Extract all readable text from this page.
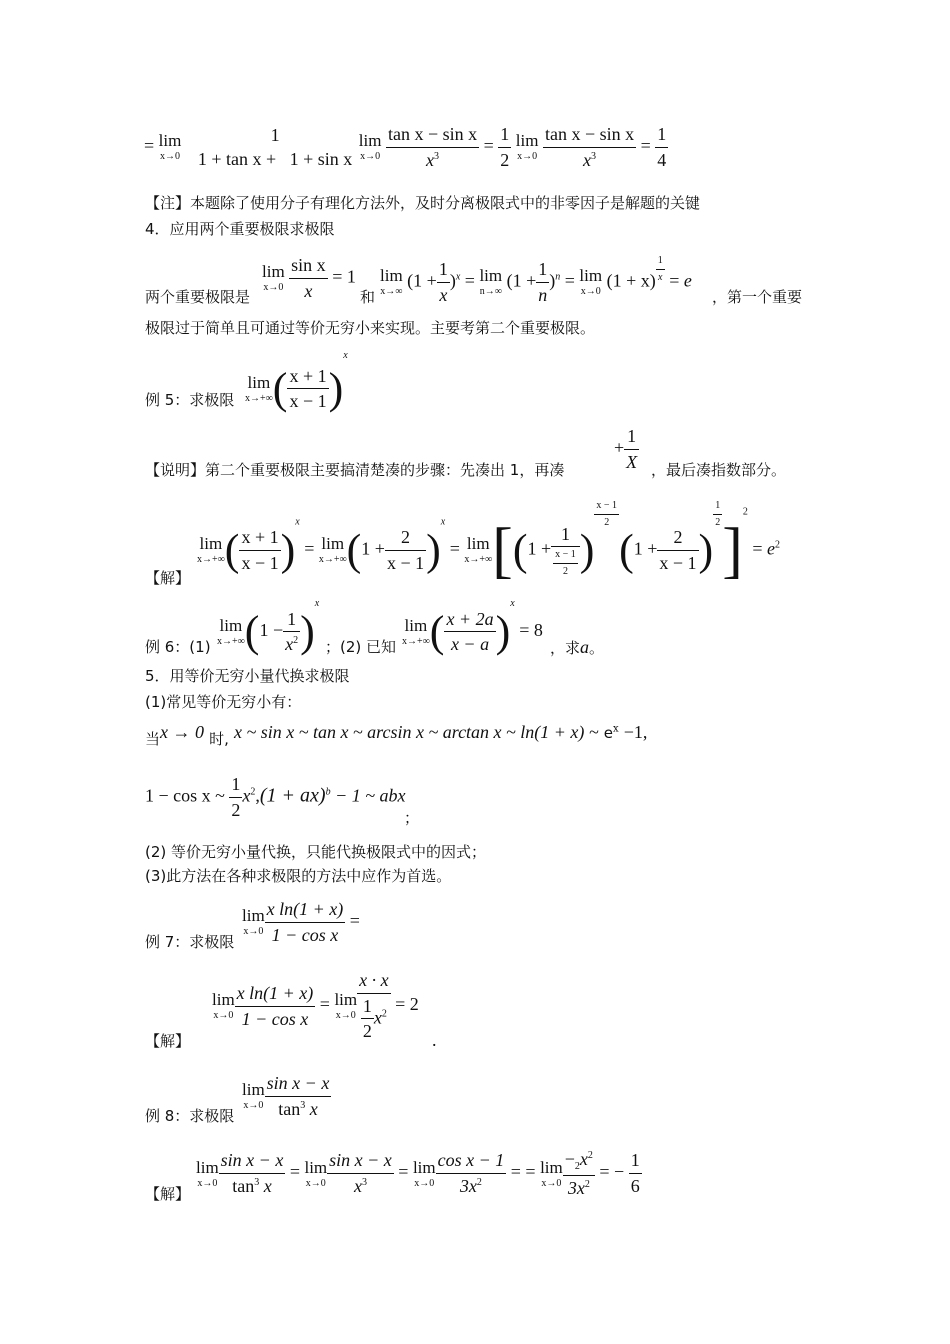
= lim
x→0

1
1 + tan x + 1 + sin x

lim
x→0
$\frac{\text{tan x − sin x}}{x^3} = \frac{1}{2}$
lim
x→0
$\frac{\text{tan x − sin x}}{x^3} = \frac{1}{4}$
【注】本题除了使用分子有理化方法外，及时分离极限式中的非零因子是解题的关键
4．应用两个重要极限求极限
两个重要极限是
lim
x→0
$\frac{\text{sin x}}{x} = 1$
和
lim
x→∞
$(1 + \frac{1}{x} )^x = \lim$
n→∞
$(1 + \frac{1}{n} )^n = \lim$
x→0
$(1 + x) \frac{1}{x} = e$
，第一个重要
极限过于简单且可通过等价无穷小来实现。主要考第二个重要极限。
例 5：求极限
lim
x→+∞ ( $\frac{x + 1}{x - 1} )^x$
【说明】第二个重要极限主要搞清楚凑的步骤：先凑出 1，再凑
+ $\frac{1}{X}$ ，最后凑指数部分。
【解】
lim
x→+∞ ( $\frac{x + 1}{x - 1} )^x = \lim$
x→+∞ $(1 + \frac{2}{x - 1} )^x = \lim$
x→+∞ [($1 + \frac{1}{\frac{x - 1}{2}}$ )
$\frac{x - 1}{2}$
($1 + \frac{2}{x - 1}$ )
$\frac{1}{2}$
]$^2 = e^2$
例 6：(1)
lim
x→+∞ $(1 - \frac{1}{x^2} )^x$
；(2) 已知
lim
x→+∞ ( $\frac{x + 2a}{x - a} )^x = 8$
，求a。
5．用等价无穷小量代换求极限
(1)常见等价无穷小有：
当x → 0 时, x ~ sin x ~ tan x ~ arcsin x ~ arctan x ~ ln(1 + x) ~ $e^x -1$,
1 − cos x ~ $\frac{1}{2} x^2,(1 + ax)^b - 1$ ~ abx
；
(2) 等价无穷小量代换，只能代换极限式中的因式；
(3)此方法在各种求极限的方法中应作为首选。
例 7：求极限
lim
$x\to 0 \frac{\text{x ln(1 + x)}}{\text{1 − cos x}}$ =
【解】
lim
$x\to 0 \frac{\text{x ln(1 + x)}}{\text{1 − cos x}} = \lim$
$x\to 0 \frac{x \cdot x}{\frac{1}{2} x^2} = 2$
.
例 8：求极限
lim
$x\to 0 \frac{\text{sin x − x}}{\tan^3 x}$
【解】
lim
$x\to 0 \frac{\text{sin x − x}}{\tan^3 x} = \lim$
$x\to 0 \frac{\text{sin x − x}}{x^3} = \lim$
$x\to 0 \frac{\text{cos x − 1}}{3x^2}$ = = lim
$x\to 0 \frac{-_2x^2}{3x^2}$ = − $\frac{1}{6}$
